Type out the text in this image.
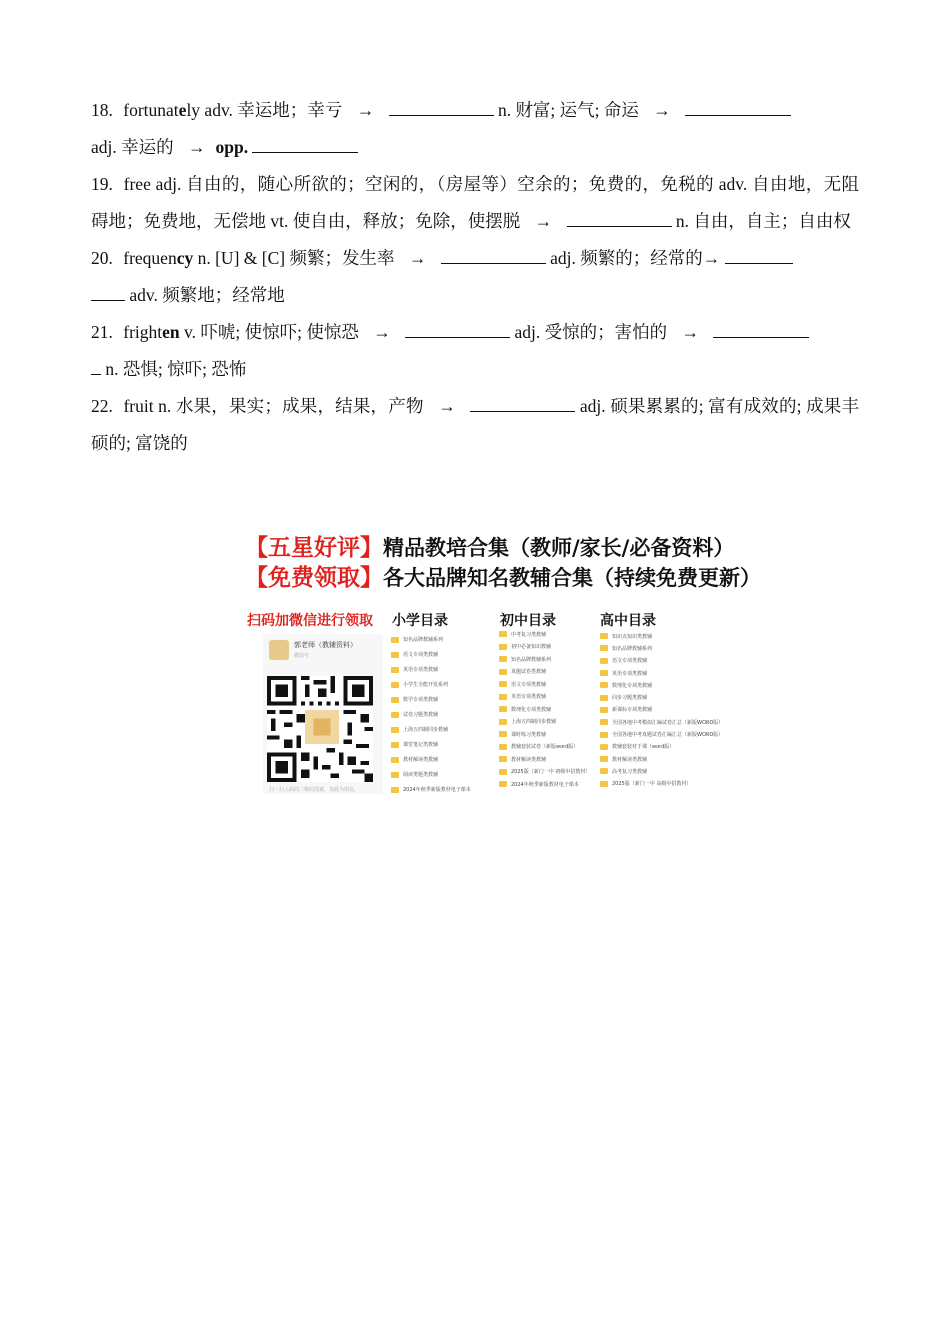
18. fortunately adv. 幸运地；幸亏 →	n. 财富; 运气; 命运 →
adj. 幸运的 → opp.
19. free adj. 自由的，随心所欲的；空闲的，（房屋等）空余的；免费的，免税的 adv. 自由地，无阻碍地；免费地，无偿地 vt. 使自由，释放；免除，使摆脱 →	n. 自由，自主；自由权
20. frequency n. [U] & [C] 频繁；发生率 →	adj. 频繁的；经常的→
adv. 频繁地；经常地
21. frighten v. 吓唬; 使惊吓; 使惊恐 →	adj. 受惊的；害怕的 →
n. 恐惧; 惊吓; 恐怖
22. fruit n. 水果，果实；成果，结果，产物 →	adj. 硕果累累的; 富有成效的; 成果丰硕的; 富饶的
【五星好评】精品教培合集（教师/家长/必备资料）
【免费领取】各大品牌知名教辅合集（持续免费更新）
扫码加微信进行领取 小学目录	初中目录	高中目录
郭老师（教辅资料）
微信号
扫一扫上面的二维码图案，加我为朋友。
知名品牌教辅系列
语文专项类教辅
英语专项类教辅
小学生全能开发系列
数学专项类教辅
试卷习题类教辅
上海五四制同步教辅
课堂笔记类教辅
教材解读类教辅
阅读类题类教辅
2024年秋季新版教材电子课本
中考复习类教辅
初中必备知识教辅
知名品牌教辅系列
真题试卷类教辅
语文专项类教辅
英语专项类教辅
数理化专项类教辅
上海五四制同步教辅
课时练习类教辅
教辅套装试卷（新版word版）
教材解读类教辅
2025版（新门一中 初级中招教材）
2024年秋季新版教材电子课本
知识点知识类教辅
知名品牌教辅系列
语文专项类教辅
英语专项类教辅
数理化专项类教辅
同步习题类教辅
新课标专项类教辅
全国各地中考模拟汇编试卷汇总（新版WORD版）
全国各地中考真题试卷汇编汇总（新版WORD版）
教辅套装对于课（word版）
教材解读类教辅
高考复习类教辅
2025版（新门一中 高级中招教材）
